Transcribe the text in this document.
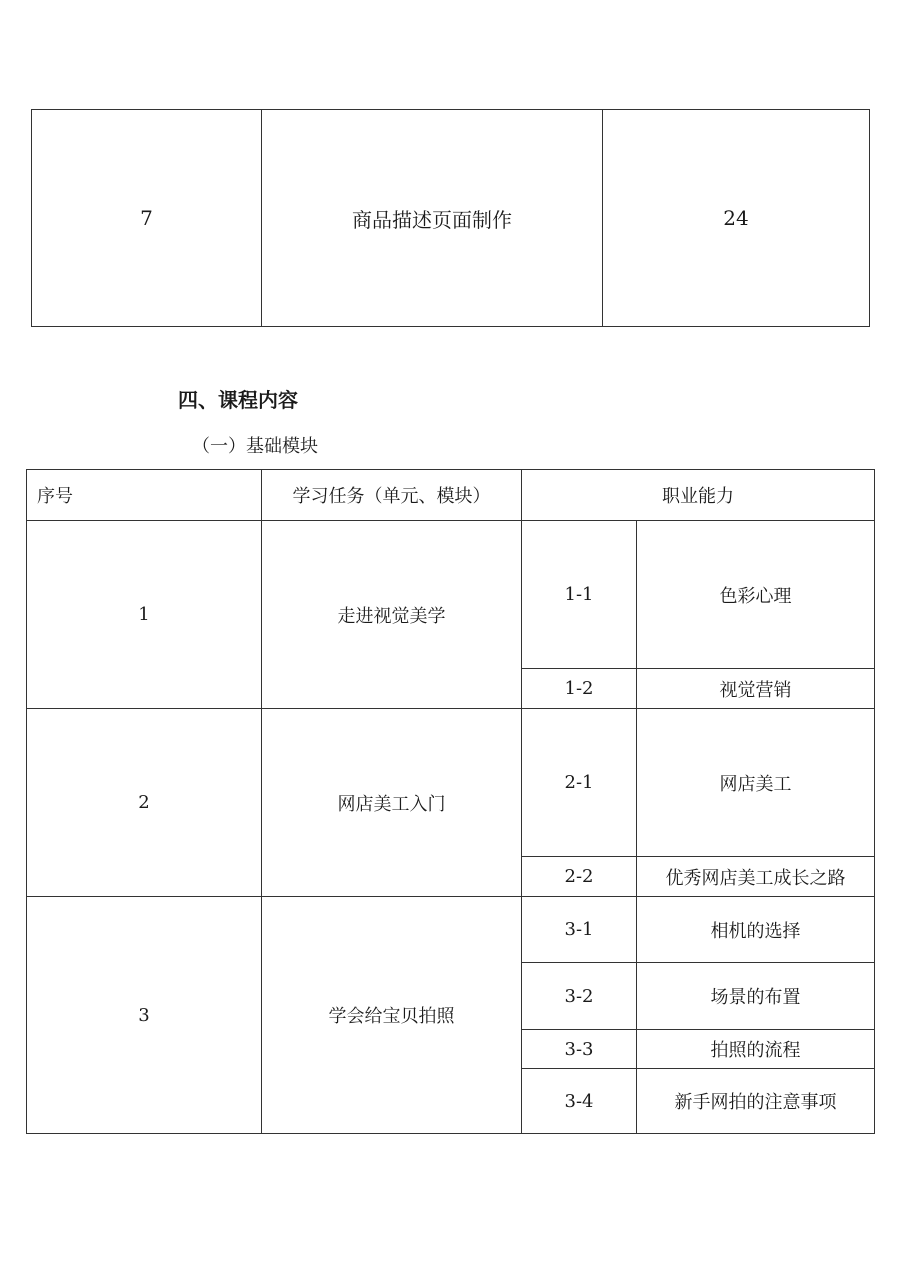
7	商品描述页面制作	24
四、课程内容
（一）基础模块
序号	学习任务（单元、模块）	职业能力	
1	走进视觉美学	1-1	色彩心理
		1-2	视觉营销
2	网店美工入门	2-1	网店美工
		2-2	优秀网店美工成长之路
3	学会给宝贝拍照	3-1	相机的选择
		3-2	场景的布置
		3-3	拍照的流程
		3-4	新手网拍的注意事项
